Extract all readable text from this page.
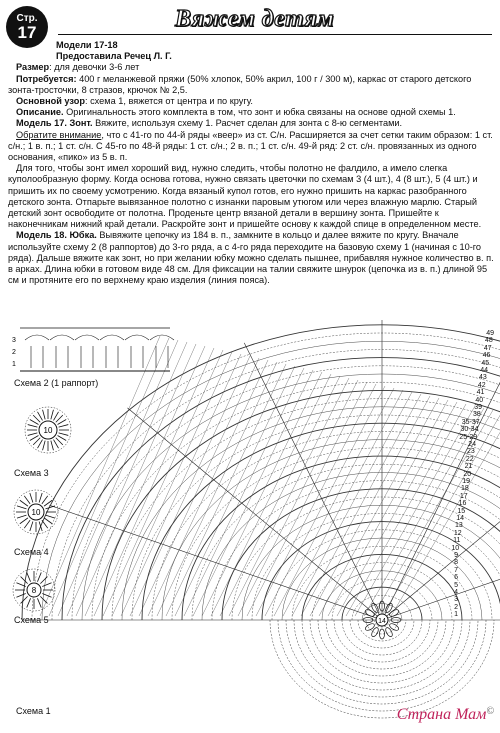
Стр.
17
Вяжем детям

Модели 17-18

Предоставила Речец Л. Г.

Размер: для девочки 3-6 лет

Потребуется: 400 г меланжевой пряжи (50% хлопок, 50% акрил, 100 г / 300 м), каркас от старого детского зонта-тросточки, 8 стразов, крючок № 2,5.

Основной узор: схема 1, вяжется от центра и по кругу.

Описание. Оригинальность этого комплекта в том, что зонт и юбка связаны на основе одной схемы 1.

Модель 17. Зонт. Вяжите, используя схему 1. Расчет сделан для зонта с 8-ю сегментами.

Обратите внимание, что с 41-го по 44-й ряды «веер» из ст. С/н. Расширяется за счет сетки таким образом: 1 ст. с/н.; 1 в. п.; 1 ст. с/н. С 45-го по 48-й ряды: 1 ст. с/н.; 2 в. п.; 1 ст. с/н. 49-й ряд: 2 ст. с/н. провязанных из одного основания, «пико» из 5 в. п.

Для того, чтобы зонт имел хороший вид, нужно следить, чтобы полотно не фалдило, а имело слегка куполообразную форму. Когда основа готова, нужно связать цветочки по схемам 3 (4 шт.), 4 (8 шт.), 5 (4 шт.) и пришить их по своему усмотрению. Когда вязаный купол готов, его нужно пришить на каркас разобранного детского зонта. Отпарьте вывязанное полотно с изнанки паровым утюгом или через влажную марлю. Старый детский зонт освободите от полотна. Проденьте центр вязаной детали в вершину зонта. Пришейте к наконечникам нижний край детали. Раскройте зонт и пришейте основу к каждой спице в определенном месте.

Модель 18. Юбка. Вывяжите цепочку из 184 в. п., замкните в кольцо и далее вяжите по кругу. Вначале используйте схему 2 (8 раппортов) до 3-го ряда, а с 4-го ряда переходите на базовую схему 1 (начиная с 10-го ряда). Дальше вяжите как зонт, но при желании юбку можно сделать пышнее, прибавляя нужное количество в. п. в арках. Длина юбки в готовом виде 48 см. Для фиксации на талии свяжите шнурок (цепочка из в. п.) длиной 95 см и протяните его по верхнему краю изделия (линия пояса).

14
3
2
1
10
10
8
Схема 2 (1 раппорт)
Схема 3
Схема 4
Схема 5
Схема 1
49
48
47
46
45
44
43
42
41
40
39
38
35-37
30-34
25-29
24
23
22
21
20
19
18
17
16
15
14
13
12
11
10
9
8
7
6
5
4
3
2
1
Страна Мам©
